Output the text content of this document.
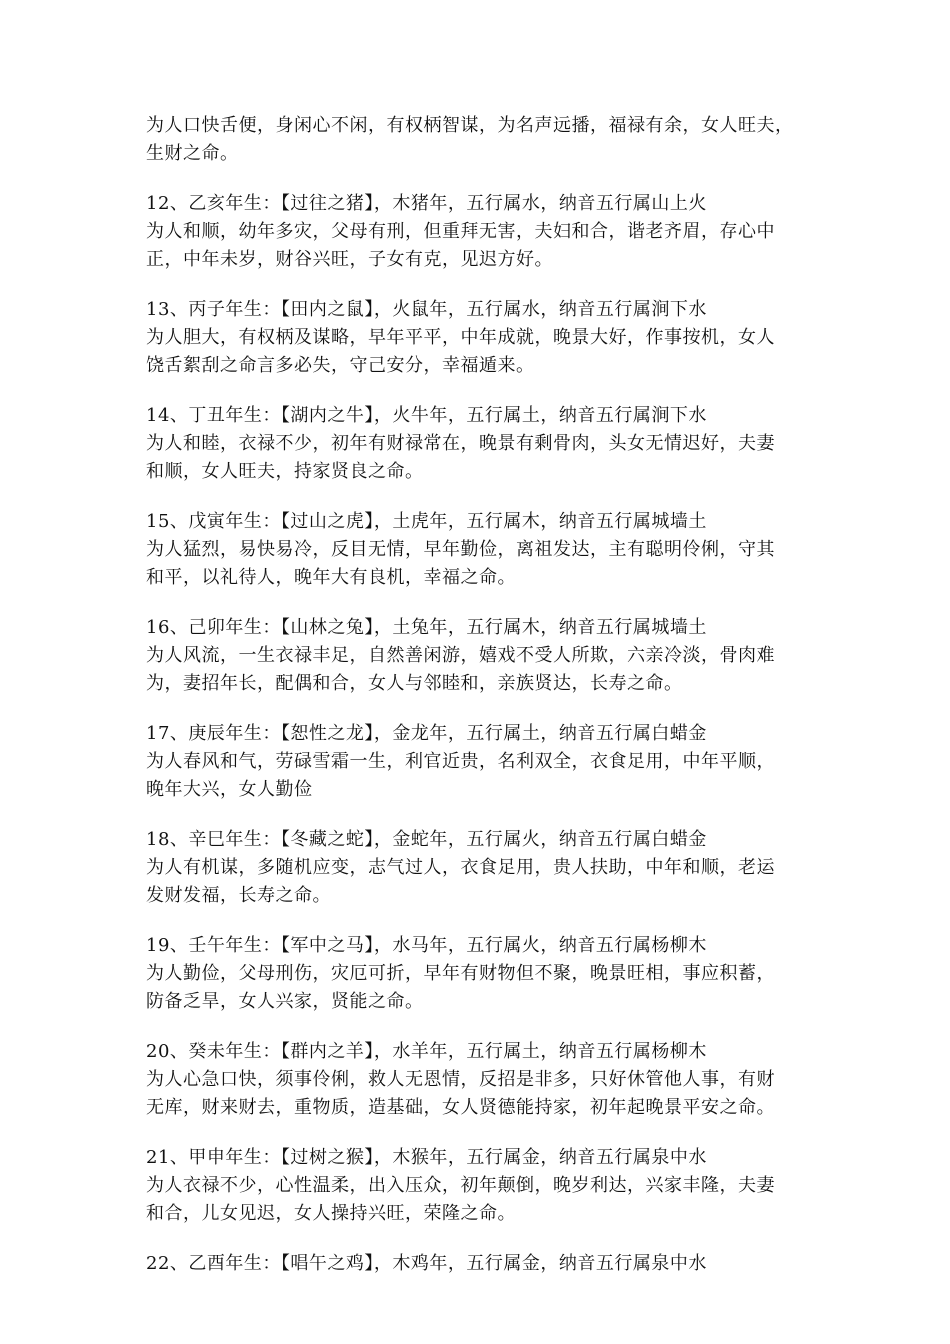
为人口快舌便，身闲心不闲，有权柄智谋，为名声远播，福禄有余，女人旺夫，
生财之命。
12、乙亥年生：【过往之猪】，木猪年，五行属水，纳音五行属山上火
为人和顺，幼年多灾，父母有刑，但重拜无害，夫妇和合，谐老齐眉，存心中
正，中年未岁，财谷兴旺，子女有克，见迟方好。
13、丙子年生：【田内之鼠】，火鼠年，五行属水，纳音五行属涧下水
为人胆大，有权柄及谋略，早年平平，中年成就，晚景大好，作事按机，女人
饶舌絮刮之命言多必失，守己安分，幸福遁来。
14、丁丑年生：【湖内之牛】，火牛年，五行属土，纳音五行属涧下水
为人和睦，衣禄不少，初年有财禄常在，晚景有剩骨肉，头女无情迟好，夫妻
和顺，女人旺夫，持家贤良之命。
15、戊寅年生：【过山之虎】，土虎年，五行属木，纳音五行属城墙土
为人猛烈，易快易冷，反目无情，早年勤俭，离祖发达，主有聪明伶俐，守其
和平，以礼待人，晚年大有良机，幸福之命。
16、己卯年生：【山林之兔】，土兔年，五行属木，纳音五行属城墙土
为人风流，一生衣禄丰足，自然善闲游，嬉戏不受人所欺，六亲冷淡，骨肉难
为，妻招年长，配偶和合，女人与邻睦和，亲族贤达，长寿之命。
17、庚辰年生：【恕性之龙】，金龙年，五行属土，纳音五行属白蜡金
为人春风和气，劳碌雪霜一生，利官近贵，名利双全，衣食足用，中年平顺，
晚年大兴，女人勤俭
18、辛巳年生：【冬藏之蛇】，金蛇年，五行属火，纳音五行属白蜡金
为人有机谋，多随机应变，志气过人，衣食足用，贵人扶助，中年和顺，老运
发财发福，长寿之命。
19、壬午年生：【军中之马】，水马年，五行属火，纳音五行属杨柳木
为人勤俭，父母刑伤，灾厄可折，早年有财物但不聚，晚景旺相，事应积蓄，
防备乏旱，女人兴家，贤能之命。
20、癸未年生：【群内之羊】，水羊年，五行属土，纳音五行属杨柳木
为人心急口快，须事伶俐，救人无恩情，反招是非多，只好休管他人事，有财
无库，财来财去，重物质，造基础，女人贤德能持家，初年起晚景平安之命。
21、甲申年生：【过树之猴】，木猴年，五行属金，纳音五行属泉中水
为人衣禄不少，心性温柔，出入压众，初年颠倒，晚岁利达，兴家丰隆，夫妻
和合，儿女见迟，女人操持兴旺，荣隆之命。
22、乙酉年生：【唱午之鸡】，木鸡年，五行属金，纳音五行属泉中水
